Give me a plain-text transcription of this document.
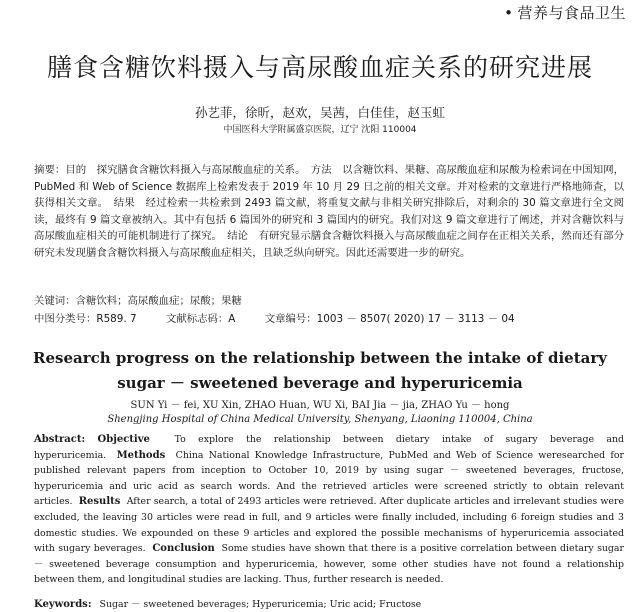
• 营养与食品卫生
膳食含糖饮料摄入与高尿酸血症关系的研究进展
孙艺菲，徐昕，赵欢，吴茜，白佳佳，赵玉虹
中国医科大学附属盛京医院，辽宁 沈阳 110004
摘要：目的　 探究膳食含糖饮料摄入与高尿酸血症的关系。　 方法　 以含糖饮料、果糖、高尿酸血症和尿酸为检索词在中国知网，PubMed 和 Web of Science 数据库上检索发表于 2019 年 10 月 29 日之前的相关文章。并对检索的文章进行严格地筛查，以获得相关文章。　 结果　 经过检索一共检索到 2493 篇文献，将重复文献与非相关研究排除后，对剩余的 30 篇文章进行全文阅读，最终有 9 篇文章被纳入。其中有包括 6 篇国外的研究和 3 篇国内的研究。我们对这 9 篇文章进行了阐述，并对含糖饮料与高尿酸血症相关的可能机制进行了探究。　 结论　 有研究显示膳食含糖饮料摄入与高尿酸血症之间存在正相关关系，然而还有部分研究未发现膳食含糖饮料摄入与高尿酸血症相关，且缺乏纵向研究。因此还需要进一步的研究。
关键词：含糖饮料；高尿酸血症；尿酸；果糖
中图分类号：R589. 7	文献标志码：A	文章编号：1003 － 8507( 2020) 17 － 3113 － 04
Research progress on the relationship between the intake of dietary
sugar － sweetened beverage and hyperuricemia
SUN Yi － fei, XU Xin, ZHAO Huan, WU Xi, BAI Jia － jia, ZHAO Yu － hong
Shengjing Hospital of China Medical University, Shenyang, Liaoning 110004, China
Abstract: Objective	To explore the relationship between dietary intake of sugary beverage and hyperuricemia. Methods China National Knowledge Infrastructure, PubMed and Web of Science weresearched for published relevant papers from inception to October 10, 2019 by using sugar － sweetened beverages, fructose, hyperuricemia and uric acid as search words. And the retrieved articles were screened strictly to obtain relevant articles. Results After search, a total of 2493 articles were retrieved. After duplicate articles and irrelevant studies were excluded, the leaving 30 articles were read in full, and 9 articles were finally included, including 6 foreign studies and 3 domestic studies. We expounded on these 9 articles and explored the possible mechanisms of hyperuricemia associated with sugary beverages. Conclusion Some studies have shown that there is a positive correlation between dietary sugar － sweetened beverage consumption and hyperuricemia, however, some other studies have not found a relationship between them, and longitudinal studies are lacking. Thus, further research is needed.
Keywords: Sugar － sweetened beverages; Hyperuricemia; Uric acid; Fructose
